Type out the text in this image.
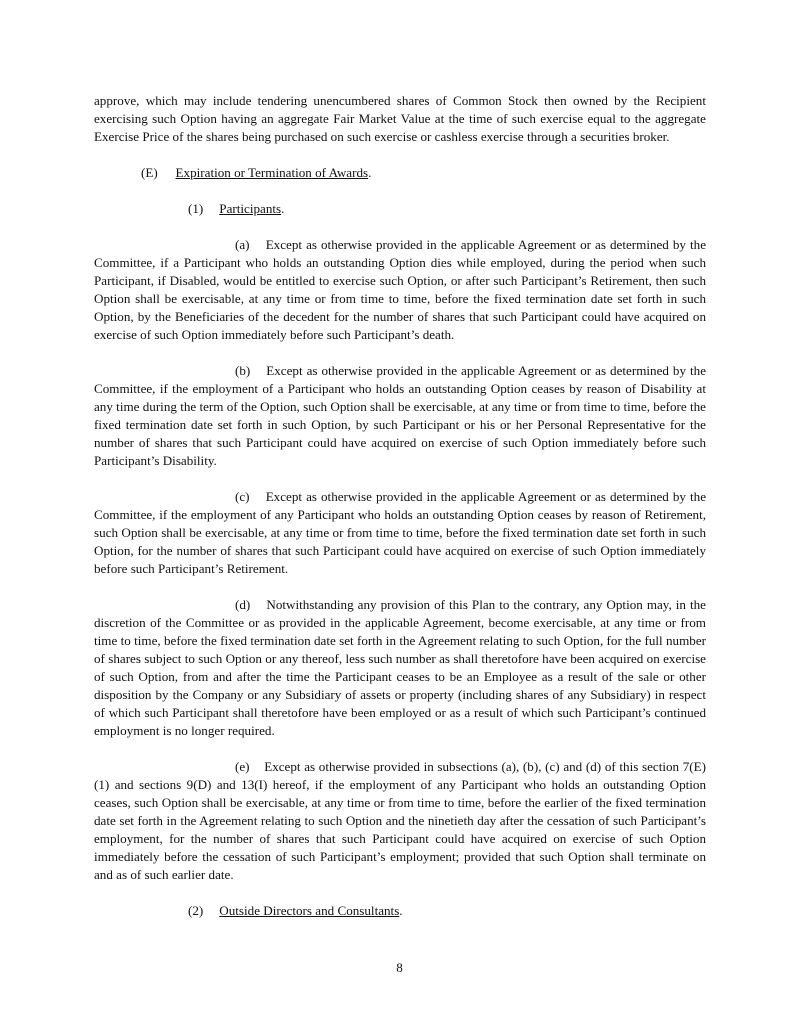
approve, which may include tendering unencumbered shares of Common Stock then owned by the Recipient exercising such Option having an aggregate Fair Market Value at the time of such exercise equal to the aggregate Exercise Price of the shares being purchased on such exercise or cashless exercise through a securities broker.

(E) Expiration or Termination of Awards.

(1) Participants.

(a) Except as otherwise provided in the applicable Agreement or as determined by the Committee, if a Participant who holds an outstanding Option dies while employed, during the period when such Participant, if Disabled, would be entitled to exercise such Option, or after such Participant’s Retirement, then such Option shall be exercisable, at any time or from time to time, before the fixed termination date set forth in such Option, by the Beneficiaries of the decedent for the number of shares that such Participant could have acquired on exercise of such Option immediately before such Participant’s death.

(b) Except as otherwise provided in the applicable Agreement or as determined by the Committee, if the employment of a Participant who holds an outstanding Option ceases by reason of Disability at any time during the term of the Option, such Option shall be exercisable, at any time or from time to time, before the fixed termination date set forth in such Option, by such Participant or his or her Personal Representative for the number of shares that such Participant could have acquired on exercise of such Option immediately before such Participant’s Disability.

(c) Except as otherwise provided in the applicable Agreement or as determined by the Committee, if the employment of any Participant who holds an outstanding Option ceases by reason of Retirement, such Option shall be exercisable, at any time or from time to time, before the fixed termination date set forth in such Option, for the number of shares that such Participant could have acquired on exercise of such Option immediately before such Participant’s Retirement.

(d) Notwithstanding any provision of this Plan to the contrary, any Option may, in the discretion of the Committee or as provided in the applicable Agreement, become exercisable, at any time or from time to time, before the fixed termination date set forth in the Agreement relating to such Option, for the full number of shares subject to such Option or any thereof, less such number as shall theretofore have been acquired on exercise of such Option, from and after the time the Participant ceases to be an Employee as a result of the sale or other disposition by the Company or any Subsidiary of assets or property (including shares of any Subsidiary) in respect of which such Participant shall theretofore have been employed or as a result of which such Participant’s continued employment is no longer required.

(e) Except as otherwise provided in subsections (a), (b), (c) and (d) of this section 7(E)(1) and sections 9(D) and 13(I) hereof, if the employment of any Participant who holds an outstanding Option ceases, such Option shall be exercisable, at any time or from time to time, before the earlier of the fixed termination date set forth in the Agreement relating to such Option and the ninetieth day after the cessation of such Participant’s employment, for the number of shares that such Participant could have acquired on exercise of such Option immediately before the cessation of such Participant’s employment; provided that such Option shall terminate on and as of such earlier date.

(2) Outside Directors and Consultants.

8
